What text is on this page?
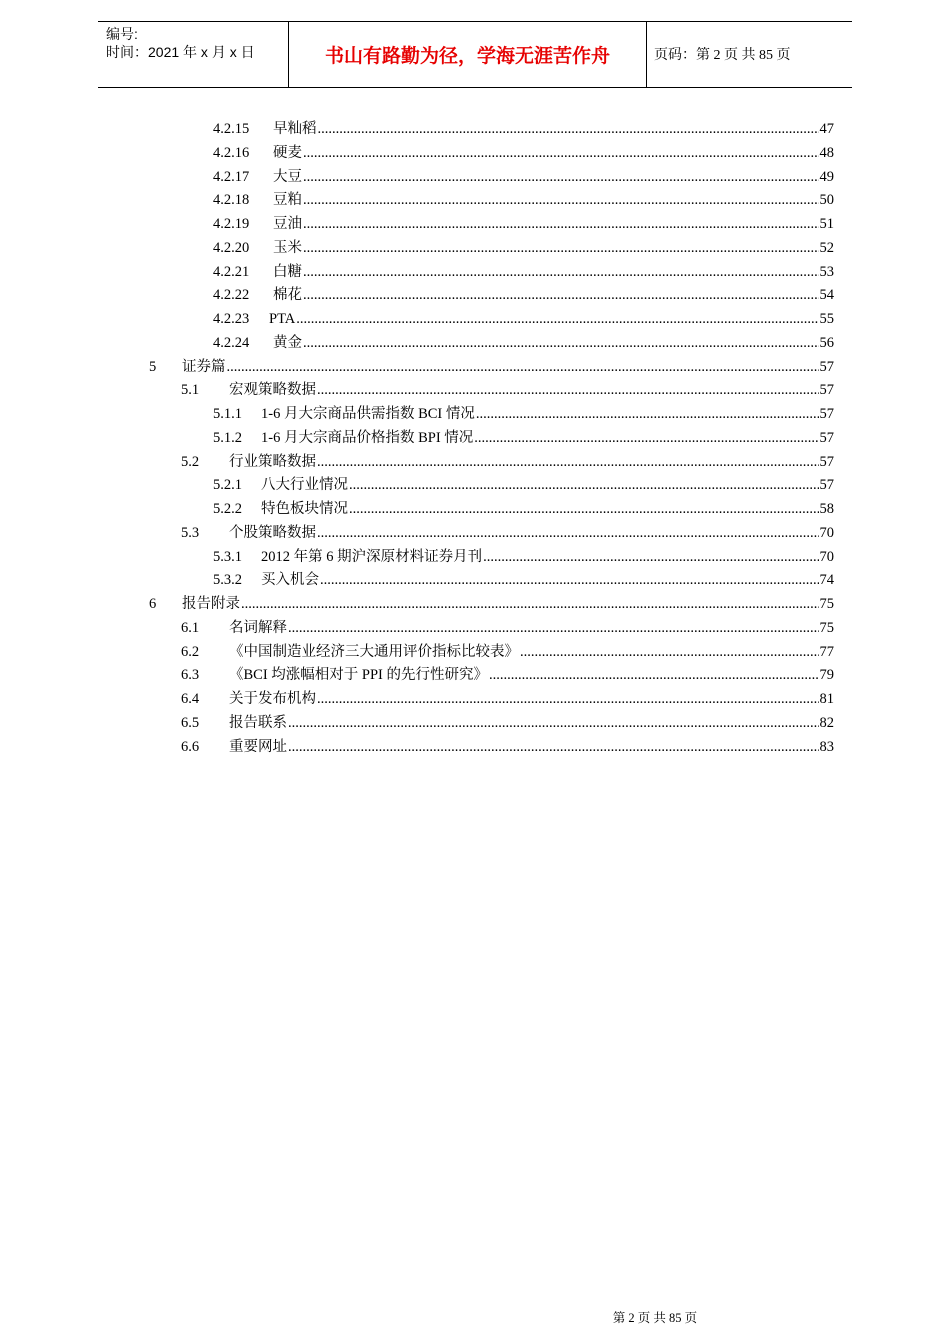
编号:
时间：2021 年 x 月 x 日	书山有路勤为径，学海无涯苦作舟	页码：第 2 页 共 85 页
4.2.15	早籼稻 .....	47
4.2.16	硬麦 .....	48
4.2.17	大豆 .....	49
4.2.18	豆粕 .....	50
4.2.19	豆油 .....	51
4.2.20	玉米 .....	52
4.2.21	白糖 .....	53
4.2.22	棉花 .....	54
4.2.23	PTA .....	55
4.2.24	黄金 .....	56
5	证券篇 .....	57
5.1	宏观策略数据 .....	57
5.1.1	1-6 月大宗商品供需指数 BCI 情况 .....	57
5.1.2	1-6 月大宗商品价格指数 BPI 情况 .....	57
5.2	行业策略数据 .....	57
5.2.1	八大行业情况 .....	57
5.2.2	特色板块情况 .....	58
5.3	个股策略数据 .....	70
5.3.1	2012 年第 6 期沪深原材料证券月刊 .....	70
5.3.2	买入机会 .....	74
6	报告附录 .....	75
6.1	名词解释 .....	75
6.2	《中国制造业经济三大通用评价指标比较表》 .....	77
6.3	《BCI 均涨幅相对于 PPI 的先行性研究》 .....	79
6.4	关于发布机构 .....	81
6.5	报告联系 .....	82
6.6	重要网址 .....	83
第 2 页 共 85 页
